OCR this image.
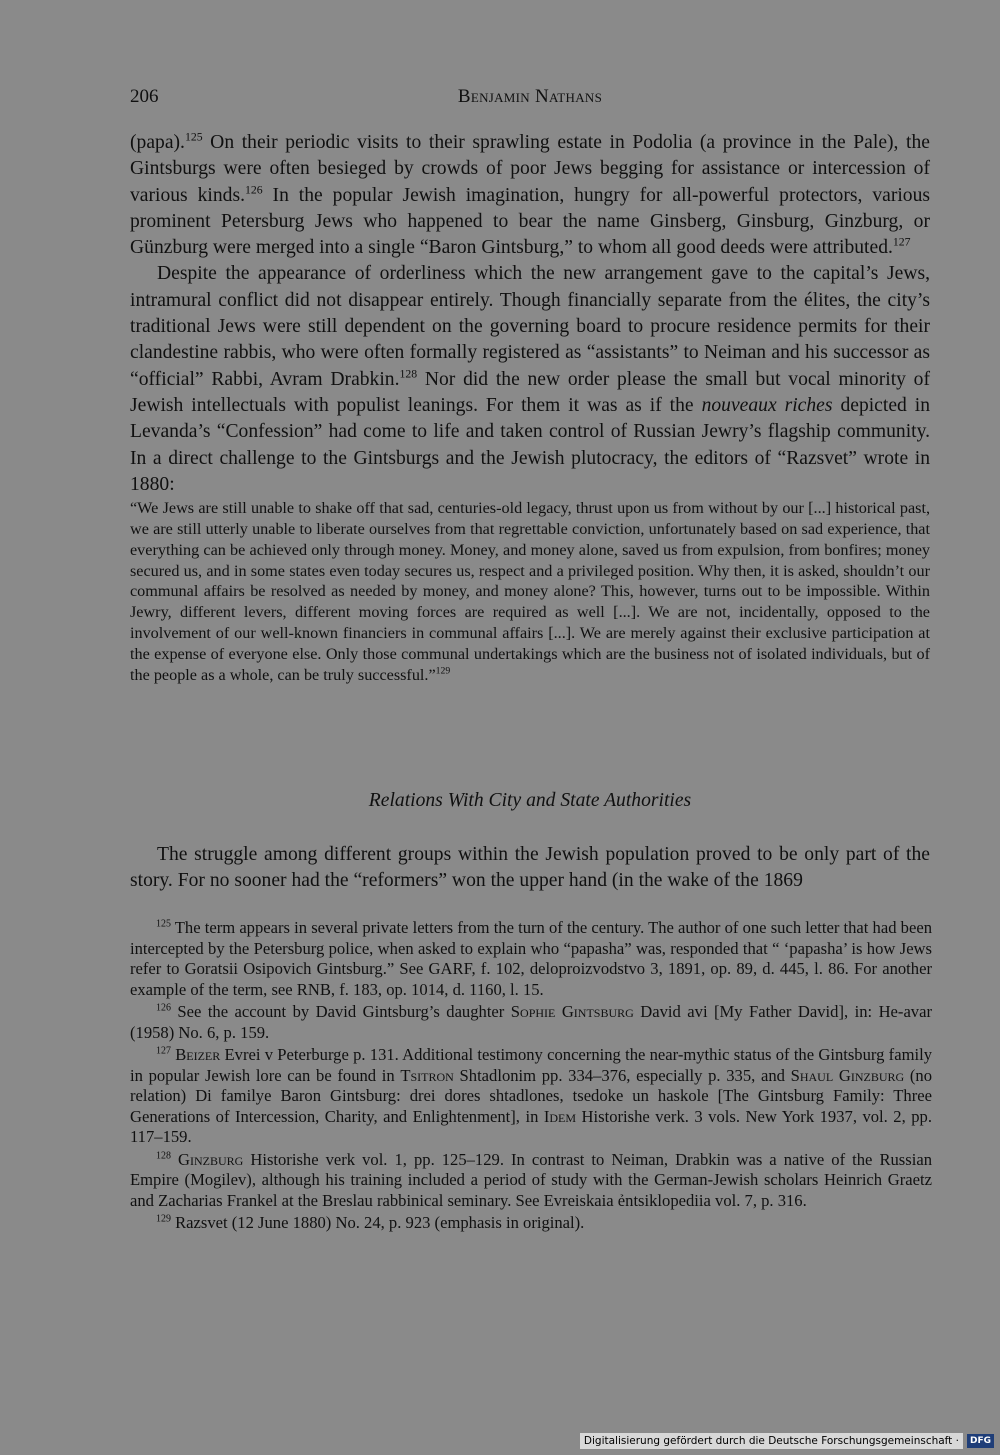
206	Benjamin Nathans

(papa).$^{125}$ On their periodic visits to their sprawling estate in Podolia (a province in the Pale), the Gintsburgs were often besieged by crowds of poor Jews begging for assistance or intercession of various kinds.$^{126}$ In the popular Jewish imagination, hungry for all-powerful protectors, various prominent Petersburg Jews who happened to bear the name Ginsberg, Ginsburg, Ginzburg, or Günzburg were merged into a single “Baron Gintsburg,” to whom all good deeds were attributed.$^{127}$

Despite the appearance of orderliness which the new arrangement gave to the capital’s Jews, intramural conflict did not disappear entirely. Though financially separate from the élites, the city’s traditional Jews were still dependent on the governing board to procure residence permits for their clandestine rabbis, who were often formally registered as “assistants” to Neiman and his successor as “official” Rabbi, Avram Drabkin.$^{128}$ Nor did the new order please the small but vocal minority of Jewish intellectuals with populist leanings. For them it was as if the nouveaux riches depicted in Levanda’s “Confession” had come to life and taken control of Russian Jewry’s flagship community. In a direct challenge to the Gintsburgs and the Jewish plutocracy, the editors of “Razsvet” wrote in 1880:

“We Jews are still unable to shake off that sad, centuries-old legacy, thrust upon us from without by our [...] historical past, we are still utterly unable to liberate ourselves from that regrettable conviction, unfortunately based on sad experience, that everything can be achieved only through money. Money, and money alone, saved us from expulsion, from bonfires; money secured us, and in some states even today secures us, respect and a privileged position. Why then, it is asked, shouldn’t our communal affairs be resolved as needed by money, and money alone? This, however, turns out to be impossible. Within Jewry, different levers, different moving forces are required as well [...]. We are not, incidentally, opposed to the involvement of our well-known financiers in communal affairs [...]. We are merely against their exclusive participation at the expense of everyone else. Only those communal undertakings which are the business not of isolated individuals, but of the people as a whole, can be truly successful.”$^{129}$

Relations With City and State Authorities

The struggle among different groups within the Jewish population proved to be only part of the story. For no sooner had the “reformers” won the upper hand (in the wake of the 1869

$^{125}$ The term appears in several private letters from the turn of the century. The author of one such letter that had been intercepted by the Petersburg police, when asked to explain who “papasha” was, responded that “ ‘papasha’ is how Jews refer to Goratsii Osipovich Gintsburg.” See GARF, f. 102, deloproizvodstvo 3, 1891, op. 89, d. 445, l. 86. For another example of the term, see RNB, f. 183, op. 1014, d. 1160, l. 15.

$^{126}$ See the account by David Gintsburg’s daughter Sophie Gintsburg David avi [My Father David], in: He-avar (1958) No. 6, p. 159.

$^{127}$ Beizer Evrei v Peterburge p. 131. Additional testimony concerning the near-mythic status of the Gintsburg family in popular Jewish lore can be found in Tsitron Shtadlonim pp. 334–376, especially p. 335, and Shaul Ginzburg (no relation) Di familye Baron Gintsburg: drei dores shtadlones, tsedoke un haskole [The Gintsburg Family: Three Generations of Intercession, Charity, and Enlightenment], in Idem Historishe verk. 3 vols. New York 1937, vol. 2, pp. 117–159.

$^{128}$ Ginzburg Historishe verk vol. 1, pp. 125–129. In contrast to Neiman, Drabkin was a native of the Russian Empire (Mogilev), although his training included a period of study with the German-Jewish scholars Heinrich Graetz and Zacharias Frankel at the Breslau rabbinical seminary. See Evreiskaia ẻntsiklopediia vol. 7, p. 316.

$^{129}$ Razsvet (12 June 1880) No. 24, p. 923 (emphasis in original).

Digitalisierung gefördert durch die Deutsche Forschungsgemeinschaft ·	DFG
